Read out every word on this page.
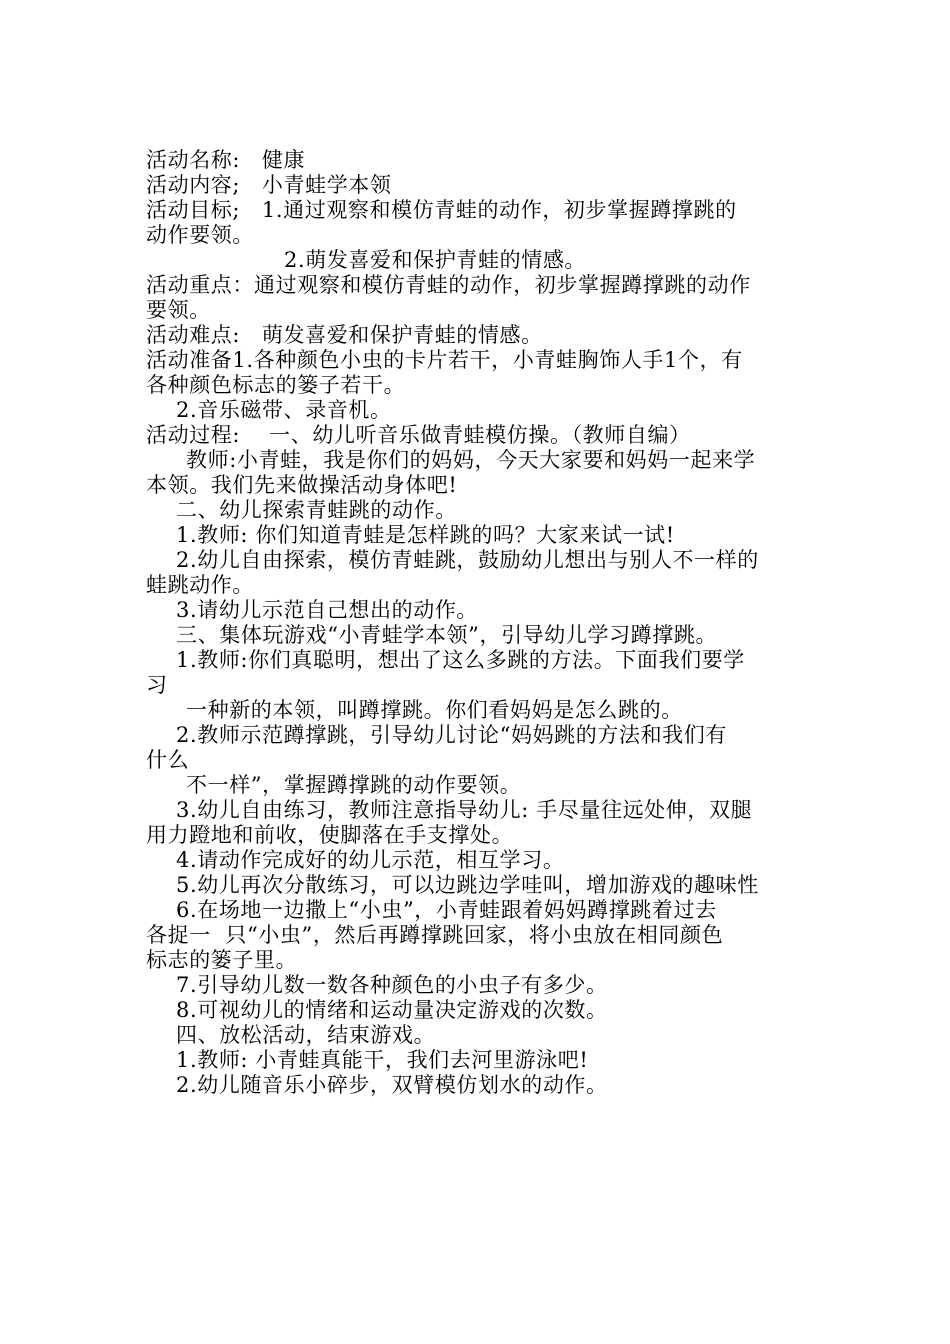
活动名称:   健康

活动内容;   小青蛙学本领

活动目标;   1.通过观察和模仿青蛙的动作，初步掌握蹲撑跳的

动作要领。

2.萌发喜爱和保护青蛙的情感。

活动重点：通过观察和模仿青蛙的动作，初步掌握蹲撑跳的动作

要领。

活动难点:   萌发喜爱和保护青蛙的情感。

活动准备1.各种颜色小虫的卡片若干，小青蛙胸饰人手1个，有

各种颜色标志的篓子若干。

2.音乐磁带、录音机。

活动过程:    一、幼儿听音乐做青蛙模仿操。（教师自编）

教师:小青蛙，我是你们的妈妈，今天大家要和妈妈一起来学

本领。我们先来做操活动身体吧!

二、幼儿探索青蛙跳的动作。

1.教师: 你们知道青蛙是怎样跳的吗？大家来试一试!

2.幼儿自由探索，模仿青蛙跳，鼓励幼儿想出与别人不一样的

蛙跳动作。

3.请幼儿示范自己想出的动作。

三、集体玩游戏“小青蛙学本领”，引导幼儿学习蹲撑跳。

1.教师:你们真聪明，想出了这么多跳的方法。下面我们要学

习

一种新的本领，叫蹲撑跳。你们看妈妈是怎么跳的。

2.教师示范蹲撑跳，引导幼儿讨论“妈妈跳的方法和我们有

什么

不一样”，掌握蹲撑跳的动作要领。

3.幼儿自由练习，教师注意指导幼儿: 手尽量往远处伸，双腿

用力蹬地和前收，使脚落在手支撑处。

4.请动作完成好的幼儿示范，相互学习。

5.幼儿再次分散练习，可以边跳边学哇叫，增加游戏的趣味性

6.在场地一边撒上“小虫”，小青蛙跟着妈妈蹲撑跳着过去

各捉一  只“小虫”，然后再蹲撑跳回家，将小虫放在相同颜色

标志的篓子里。

7.引导幼儿数一数各种颜色的小虫子有多少。

8.可视幼儿的情绪和运动量决定游戏的次数。

四、放松活动，结束游戏。

1.教师: 小青蛙真能干，我们去河里游泳吧!

2.幼儿随音乐小碎步，双臂模仿划水的动作。
